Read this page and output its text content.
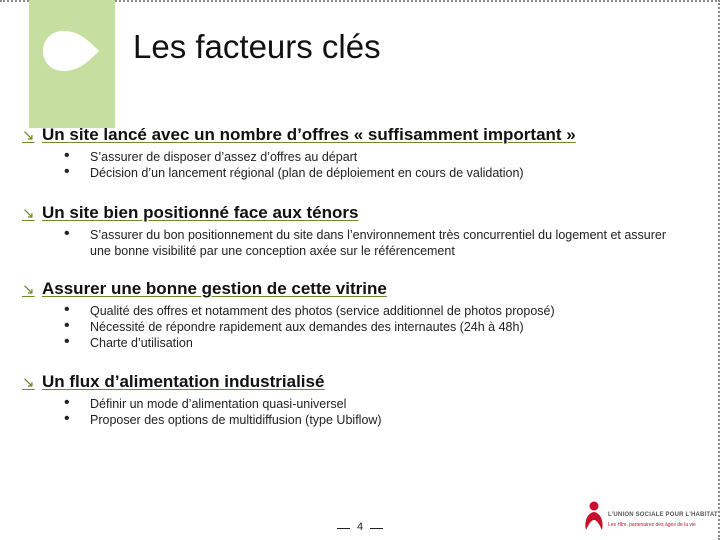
Les facteurs clés
↘ Un site lancé avec un nombre d’offres « suffisamment important »
• S’assurer de disposer d’assez d’offres au départ
• Décision d’un lancement régional (plan de déploiement en cours de validation)
↘ Un site bien positionné face aux ténors
• S’assurer du bon positionnement du site dans l’environnement très concurrentiel du logement et assurer une bonne visibilité par une conception axée sur le référencement
↘ Assurer une bonne gestion de cette vitrine
• Qualité des offres et notamment des photos (service additionnel de photos proposé)
• Nécessité de répondre rapidement aux demandes des internautes (24h à 48h)
• Charte d’utilisation
↘ Un flux d’alimentation industrialisé
• Définir un mode d’alimentation quasi-universel
• Proposer des options de multidiffusion (type Ubiflow)
4
L’UNION SOCIALE POUR L’HABITAT
Les Hlm, partenaires des âges de la vie
